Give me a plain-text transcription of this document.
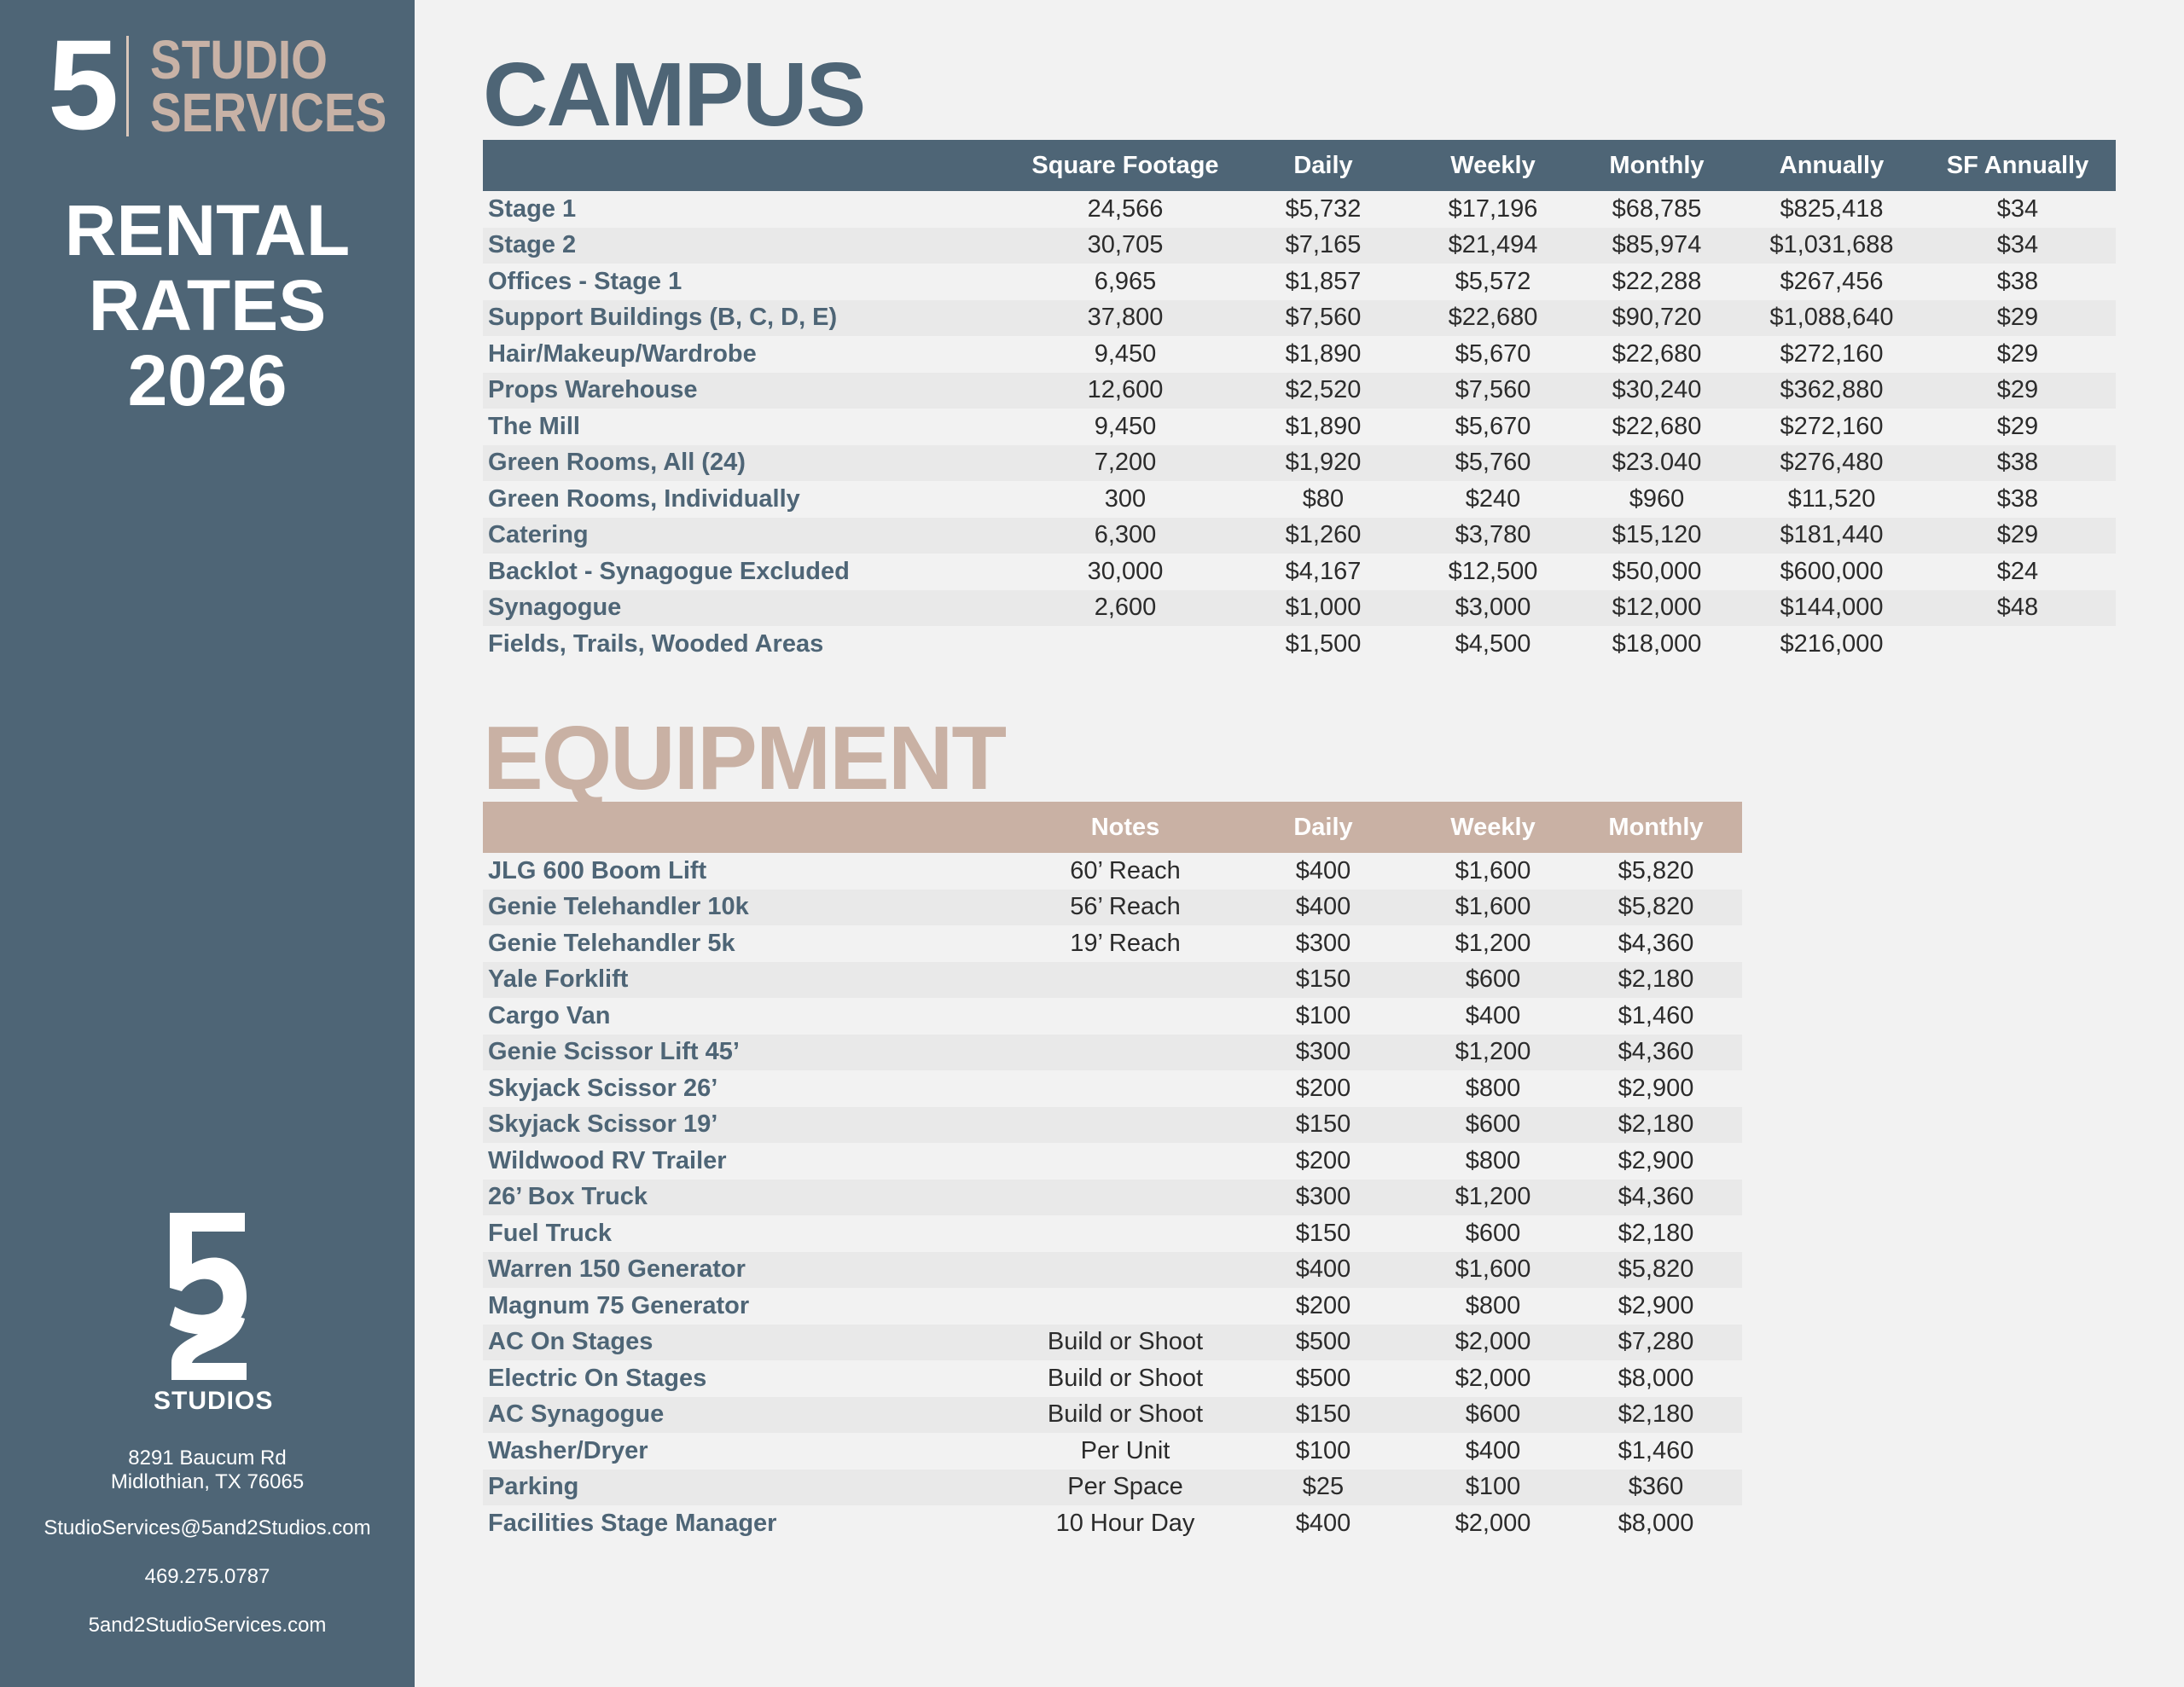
5 STUDIO
SERVICES
RENTAL
RATES
2026
STUDIOS
8291 Baucum Rd
Midlothian, TX 76065
StudioServices@5and2Studios.com
469.275.0787
5and2StudioServices.com
CAMPUS
	Square Footage	Daily	Weekly	Monthly	Annually	SF Annually
Stage 1	24,566	$5,732	$17,196	$68,785	$825,418	$34
Stage 2	30,705	$7,165	$21,494	$85,974	$1,031,688	$34
Offices - Stage 1	6,965	$1,857	$5,572	$22,288	$267,456	$38
Support Buildings (B, C, D, E)	37,800	$7,560	$22,680	$90,720	$1,088,640	$29
Hair/Makeup/Wardrobe	9,450	$1,890	$5,670	$22,680	$272,160	$29
Props Warehouse	12,600	$2,520	$7,560	$30,240	$362,880	$29
The Mill	9,450	$1,890	$5,670	$22,680	$272,160	$29
Green Rooms, All (24)	7,200	$1,920	$5,760	$23.040	$276,480	$38
Green Rooms, Individually	300	$80	$240	$960	$11,520	$38
Catering	6,300	$1,260	$3,780	$15,120	$181,440	$29
Backlot - Synagogue Excluded	30,000	$4,167	$12,500	$50,000	$600,000	$24
Synagogue	2,600	$1,000	$3,000	$12,000	$144,000	$48
Fields, Trails, Wooded Areas		$1,500	$4,500	$18,000	$216,000	
EQUIPMENT
	Notes	Daily	Weekly	Monthly
JLG 600 Boom Lift	60’ Reach	$400	$1,600	$5,820
Genie Telehandler 10k	56’ Reach	$400	$1,600	$5,820
Genie Telehandler 5k	19’ Reach	$300	$1,200	$4,360
Yale Forklift		$150	$600	$2,180
Cargo Van		$100	$400	$1,460
Genie Scissor Lift 45’		$300	$1,200	$4,360
Skyjack Scissor 26’		$200	$800	$2,900
Skyjack Scissor 19’		$150	$600	$2,180
Wildwood RV Trailer		$200	$800	$2,900
26’ Box Truck		$300	$1,200	$4,360
Fuel Truck		$150	$600	$2,180
Warren 150 Generator		$400	$1,600	$5,820
Magnum 75 Generator		$200	$800	$2,900
AC On Stages	Build or Shoot	$500	$2,000	$7,280
Electric On Stages	Build or Shoot	$500	$2,000	$8,000
AC Synagogue	Build or Shoot	$150	$600	$2,180
Washer/Dryer	Per Unit	$100	$400	$1,460
Parking	Per Space	$25	$100	$360
Facilities Stage Manager	10 Hour Day	$400	$2,000	$8,000
